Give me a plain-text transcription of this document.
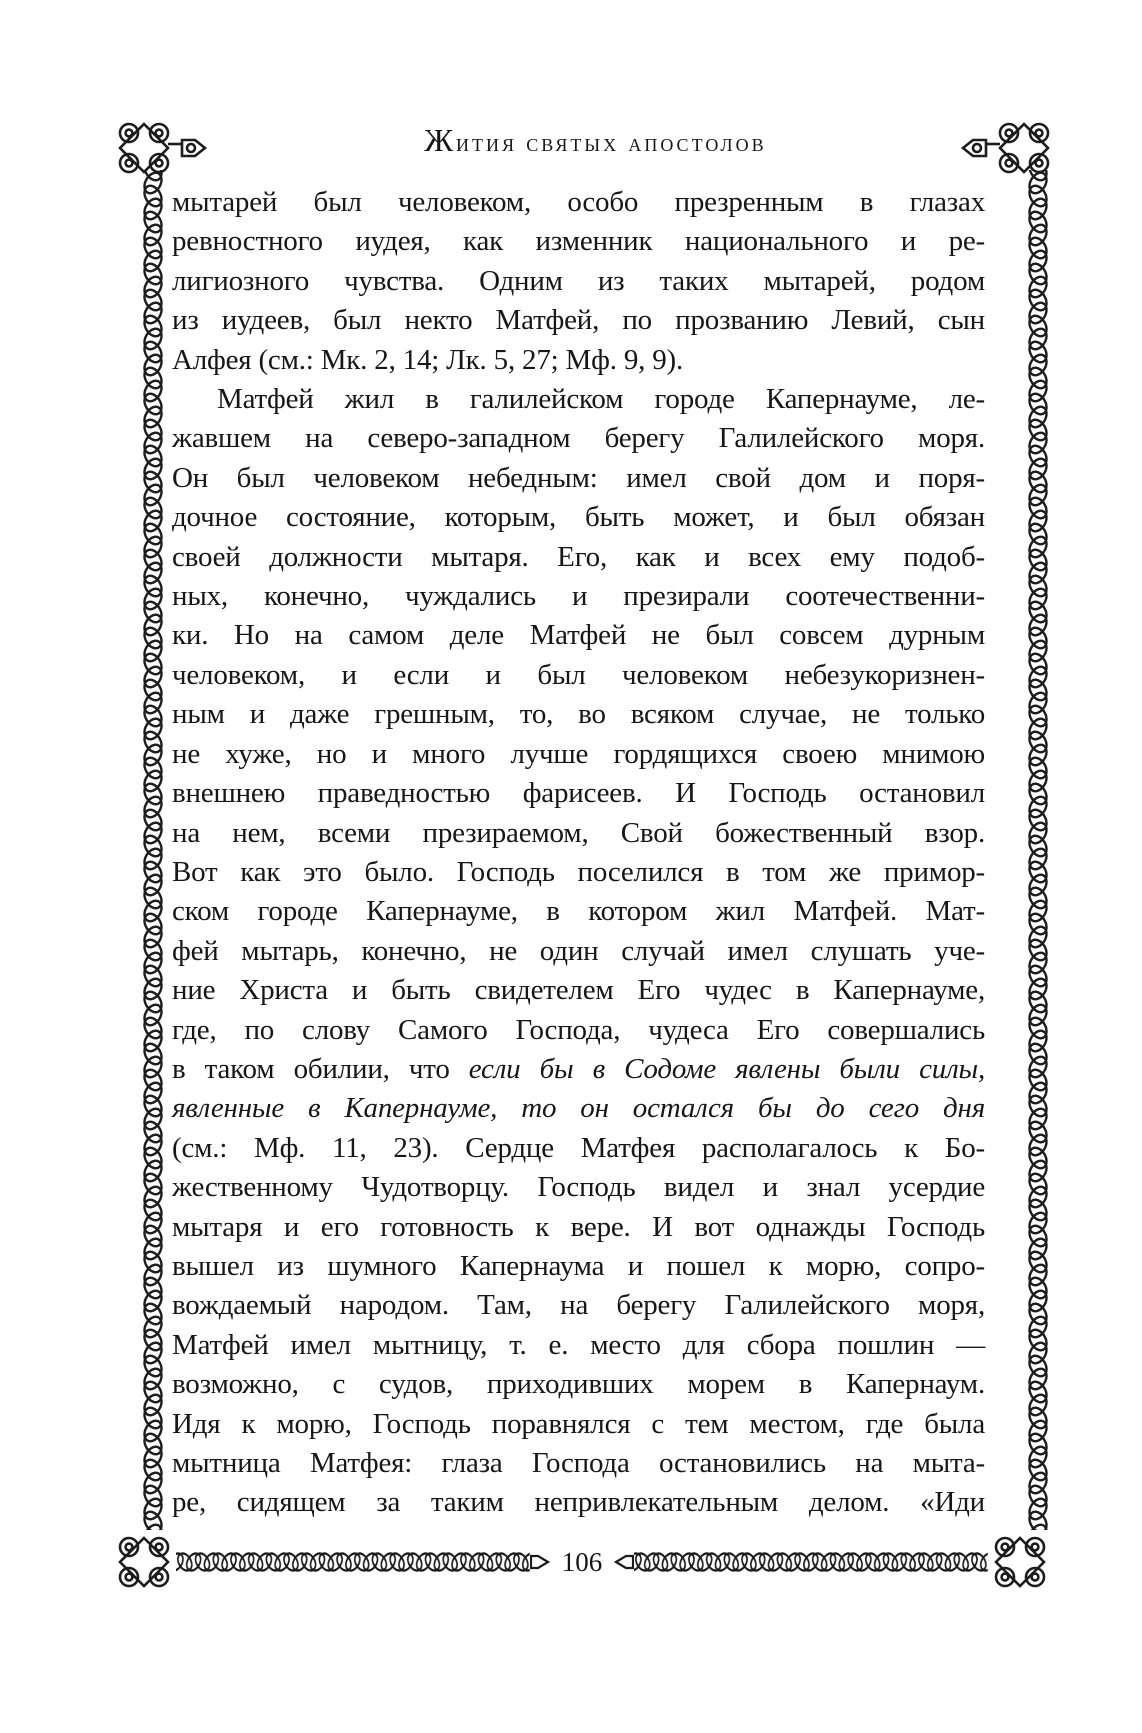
Жития святых апостолов
мытарей был человеком, особо презренным в глазах
ревностного иудея, как изменник национального и ре-
лигиозного чувства. Одним из таких мытарей, родом
из иудеев, был некто Матфей, по прозванию Левий, сын
Алфея (см.: Мк. 2, 14; Лк. 5, 27; Мф. 9, 9).
Матфей жил в галилейском городе Капернауме, ле-
жавшем на северо-западном берегу Галилейского моря.
Он был человеком небедным: имел свой дом и поря-
дочное состояние, которым, быть может, и был обязан
своей должности мытаря. Его, как и всех ему подоб-
ных, конечно, чуждались и презирали соотечественни-
ки. Но на самом деле Матфей не был совсем дурным
человеком, и если и был человеком небезукоризнен-
ным и даже грешным, то, во всяком случае, не только
не хуже, но и много лучше гордящихся своею мнимою
внешнею праведностью фарисеев. И Господь остановил
на нем, всеми презираемом, Свой божественный взор.
Вот как это было. Господь поселился в том же примор-
ском городе Капернауме, в котором жил Матфей. Мат-
фей мытарь, конечно, не один случай имел слушать уче-
ние Христа и быть свидетелем Его чудес в Капернауме,
где, по слову Самого Господа, чудеса Его совершались
в таком обилии, что если бы в Содоме явлены были силы,
явленные в Капернауме, то он остался бы до сего дня
(см.: Мф. 11, 23). Сердце Матфея располагалось к Бо-
жественному Чудотворцу. Господь видел и знал усердие
мытаря и его готовность к вере. И вот однажды Господь
вышел из шумного Капернаума и пошел к морю, сопро-
вождаемый народом. Там, на берегу Галилейского моря,
Матфей имел мытницу, т. е. место для сбора пошлин —
возможно, с судов, приходивших морем в Капернаум.
Идя к морю, Господь поравнялся с тем местом, где была
мытница Матфея: глаза Господа остановились на мыта-
ре, сидящем за таким непривлекательным делом. «Иди
106
